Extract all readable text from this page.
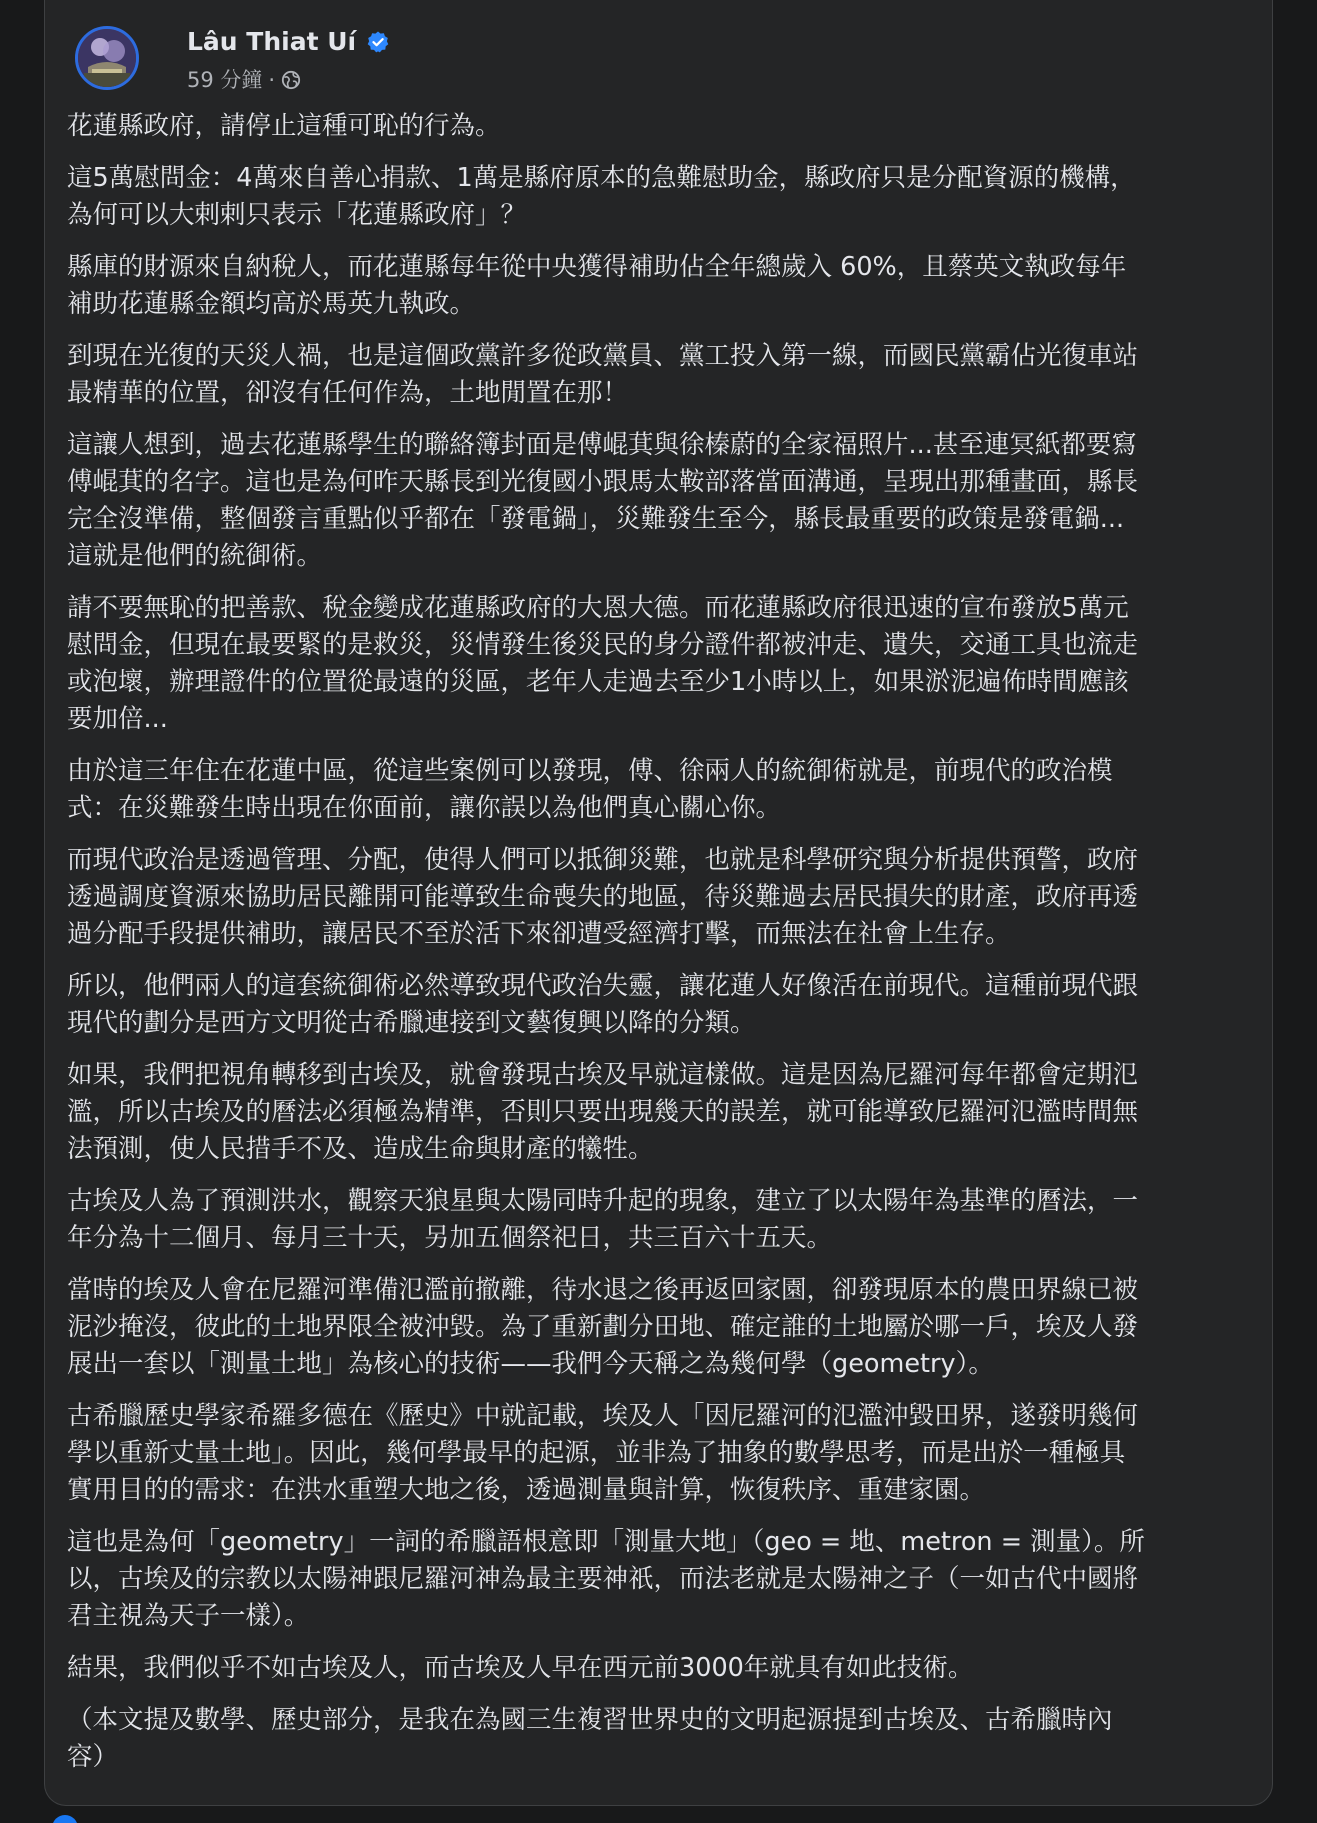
Lâu Thiat Uí
59 分鐘 ·

花蓮縣政府，請停止這種可恥的行為。

這5萬慰問金：4萬來自善心捐款、1萬是縣府原本的急難慰助金，縣政府只是分配資源的機構，
為何可以大剌剌只表示「花蓮縣政府」？

縣庫的財源來自納稅人，而花蓮縣每年從中央獲得補助佔全年總歲入 60%，且蔡英文執政每年
補助花蓮縣金額均高於馬英九執政。

到現在光復的天災人禍，也是這個政黨許多從政黨員、黨工投入第一線，而國民黨霸佔光復車站
最精華的位置，卻沒有任何作為，土地閒置在那！

這讓人想到，過去花蓮縣學生的聯絡簿封面是傅崐萁與徐榛蔚的全家福照片...甚至連冥紙都要寫
傅崐萁的名字。這也是為何昨天縣長到光復國小跟馬太鞍部落當面溝通，呈現出那種畫面，縣長
完全沒準備，整個發言重點似乎都在「發電鍋」，災難發生至今，縣長最重要的政策是發電鍋...
這就是他們的統御術。

請不要無恥的把善款、稅金變成花蓮縣政府的大恩大德。而花蓮縣政府很迅速的宣布發放5萬元
慰問金，但現在最要緊的是救災，災情發生後災民的身分證件都被沖走、遺失，交通工具也流走
或泡壞，辦理證件的位置從最遠的災區，老年人走過去至少1小時以上，如果淤泥遍佈時間應該
要加倍...

由於這三年住在花蓮中區，從這些案例可以發現，傅、徐兩人的統御術就是，前現代的政治模
式：在災難發生時出現在你面前，讓你誤以為他們真心關心你。

而現代政治是透過管理、分配，使得人們可以抵御災難，也就是科學研究與分析提供預警，政府
透過調度資源來協助居民離開可能導致生命喪失的地區，待災難過去居民損失的財產，政府再透
過分配手段提供補助，讓居民不至於活下來卻遭受經濟打擊，而無法在社會上生存。

所以，他們兩人的這套統御術必然導致現代政治失靈，讓花蓮人好像活在前現代。這種前現代跟
現代的劃分是西方文明從古希臘連接到文藝復興以降的分類。

如果，我們把視角轉移到古埃及，就會發現古埃及早就這樣做。這是因為尼羅河每年都會定期氾
濫，所以古埃及的曆法必須極為精準，否則只要出現幾天的誤差，就可能導致尼羅河氾濫時間無
法預測，使人民措手不及、造成生命與財產的犧牲。

古埃及人為了預測洪水，觀察天狼星與太陽同時升起的現象，建立了以太陽年為基準的曆法，一
年分為十二個月、每月三十天，另加五個祭祀日，共三百六十五天。

當時的埃及人會在尼羅河準備氾濫前撤離，待水退之後再返回家園，卻發現原本的農田界線已被
泥沙掩沒，彼此的土地界限全被沖毀。為了重新劃分田地、確定誰的土地屬於哪一戶，埃及人發
展出一套以「測量土地」為核心的技術——我們今天稱之為幾何學（geometry）。

古希臘歷史學家希羅多德在《歷史》中就記載，埃及人「因尼羅河的氾濫沖毀田界，遂發明幾何
學以重新丈量土地」。因此，幾何學最早的起源，並非為了抽象的數學思考，而是出於一種極具
實用目的的需求：在洪水重塑大地之後，透過測量與計算，恢復秩序、重建家園。

這也是為何「geometry」一詞的希臘語根意即「測量大地」（geo = 地、metron = 測量）。所
以，古埃及的宗教以太陽神跟尼羅河神為最主要神祇，而法老就是太陽神之子（一如古代中國將
君主視為天子一樣）。

結果，我們似乎不如古埃及人，而古埃及人早在西元前3000年就具有如此技術。

（本文提及數學、歷史部分，是我在為國三生複習世界史的文明起源提到古埃及、古希臘時內
容）
